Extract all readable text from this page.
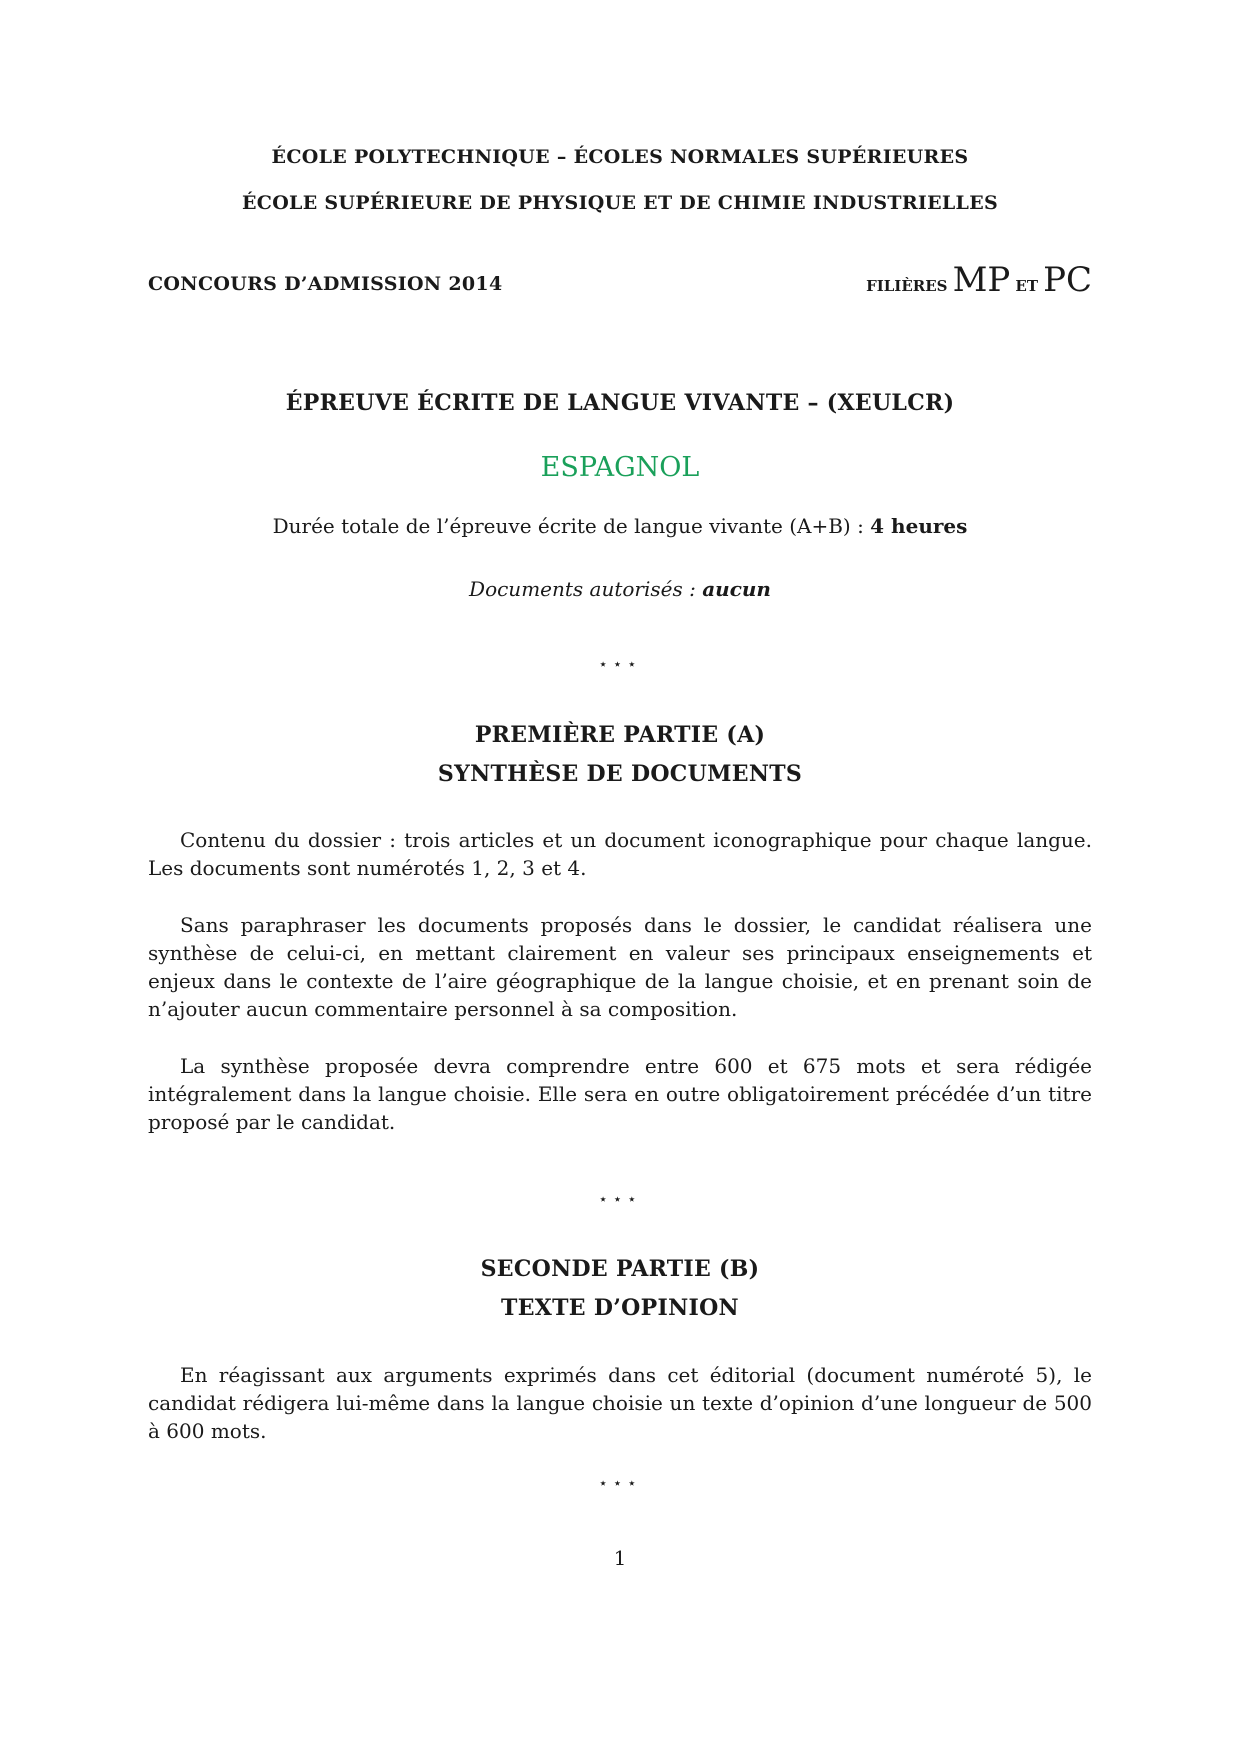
ÉCOLE POLYTECHNIQUE – ÉCOLES NORMALES SUPÉRIEURES
ÉCOLE SUPÉRIEURE DE PHYSIQUE ET DE CHIMIE INDUSTRIELLES
CONCOURS D’ADMISSION 2014	filières MP et PC
ÉPREUVE ÉCRITE DE LANGUE VIVANTE – (XEULCR)
ESPAGNOL
Durée totale de l’épreuve écrite de langue vivante (A+B) : 4 heures
Documents autorisés : aucun
⋆⋆⋆
PREMIÈRE PARTIE (A)
SYNTHÈSE DE DOCUMENTS
Contenu du dossier : trois articles et un document iconographique pour chaque langue. Les documents sont numérotés 1, 2, 3 et 4.
Sans paraphraser les documents proposés dans le dossier, le candidat réalisera une synthèse de celui-ci, en mettant clairement en valeur ses principaux enseignements et enjeux dans le contexte de l’aire géographique de la langue choisie, et en prenant soin de n’ajouter aucun commentaire personnel à sa composition.
La synthèse proposée devra comprendre entre 600 et 675 mots et sera rédigée intégralement dans la langue choisie. Elle sera en outre obligatoirement précédée d’un titre proposé par le candidat.
⋆⋆⋆
SECONDE PARTIE (B)
TEXTE D’OPINION
En réagissant aux arguments exprimés dans cet éditorial (document numéroté 5), le candidat rédigera lui-même dans la langue choisie un texte d’opinion d’une longueur de 500 à 600 mots.
⋆⋆⋆
1
